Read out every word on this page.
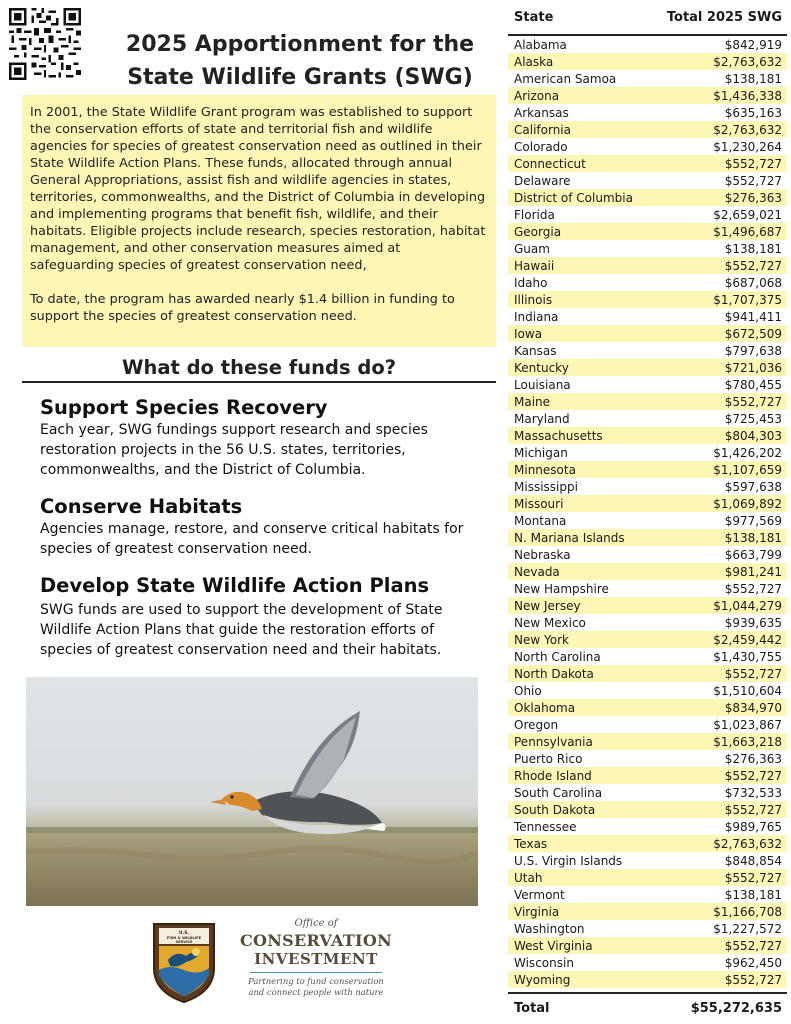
2025 Apportionment for the
State Wildlife Grants (SWG)

In 2001, the State Wildlife Grant program was established to support the conservation efforts of state and territorial fish and wildlife agencies for species of greatest conservation need as outlined in their State Wildlife Action Plans. These funds, allocated through annual General Appropriations, assist fish and wildlife agencies in states, territories, commonwealths, and the District of Columbia in developing and implementing programs that benefit fish, wildlife, and their habitats. Eligible projects include research, species restoration, habitat management, and other conservation measures aimed at safeguarding species of greatest conservation need,

To date, the program has awarded nearly $1.4 billion in funding to support the species of greatest conservation need.

What do these funds do?
Support Species Recovery
Each year, SWG fundings support research and species restoration projects in the 56 U.S. states, territories, commonwealths, and the District of Columbia.
Conserve Habitats
Agencies manage, restore, and conserve critical habitats for species of greatest conservation need.
Develop State Wildlife Action Plans
SWG funds are used to support the development of State Wildlife Action Plans that guide the restoration efforts of species of greatest conservation need and their habitats.
U.S.
FISH & WILDLIFE
SERVICE
Office of
CONSERVATION
INVESTMENT
Partnering to fund conservation
and connect people with nature
State	Total 2025 SWG
Alabama	$842,919
Alaska	$2,763,632
American Samoa	$138,181
Arizona	$1,436,338
Arkansas	$635,163
California	$2,763,632
Colorado	$1,230,264
Connecticut	$552,727
Delaware	$552,727
District of Columbia	$276,363
Florida	$2,659,021
Georgia	$1,496,687
Guam	$138,181
Hawaii	$552,727
Idaho	$687,068
Illinois	$1,707,375
Indiana	$941,411
Iowa	$672,509
Kansas	$797,638
Kentucky	$721,036
Louisiana	$780,455
Maine	$552,727
Maryland	$725,453
Massachusetts	$804,303
Michigan	$1,426,202
Minnesota	$1,107,659
Mississippi	$597,638
Missouri	$1,069,892
Montana	$977,569
N. Mariana Islands	$138,181
Nebraska	$663,799
Nevada	$981,241
New Hampshire	$552,727
New Jersey	$1,044,279
New Mexico	$939,635
New York	$2,459,442
North Carolina	$1,430,755
North Dakota	$552,727
Ohio	$1,510,604
Oklahoma	$834,970
Oregon	$1,023,867
Pennsylvania	$1,663,218
Puerto Rico	$276,363
Rhode Island	$552,727
South Carolina	$732,533
South Dakota	$552,727
Tennessee	$989,765
Texas	$2,763,632
U.S. Virgin Islands	$848,854
Utah	$552,727
Vermont	$138,181
Virginia	$1,166,708
Washington	$1,227,572
West Virginia	$552,727
Wisconsin	$962,450
Wyoming	$552,727
Total	$55,272,635
